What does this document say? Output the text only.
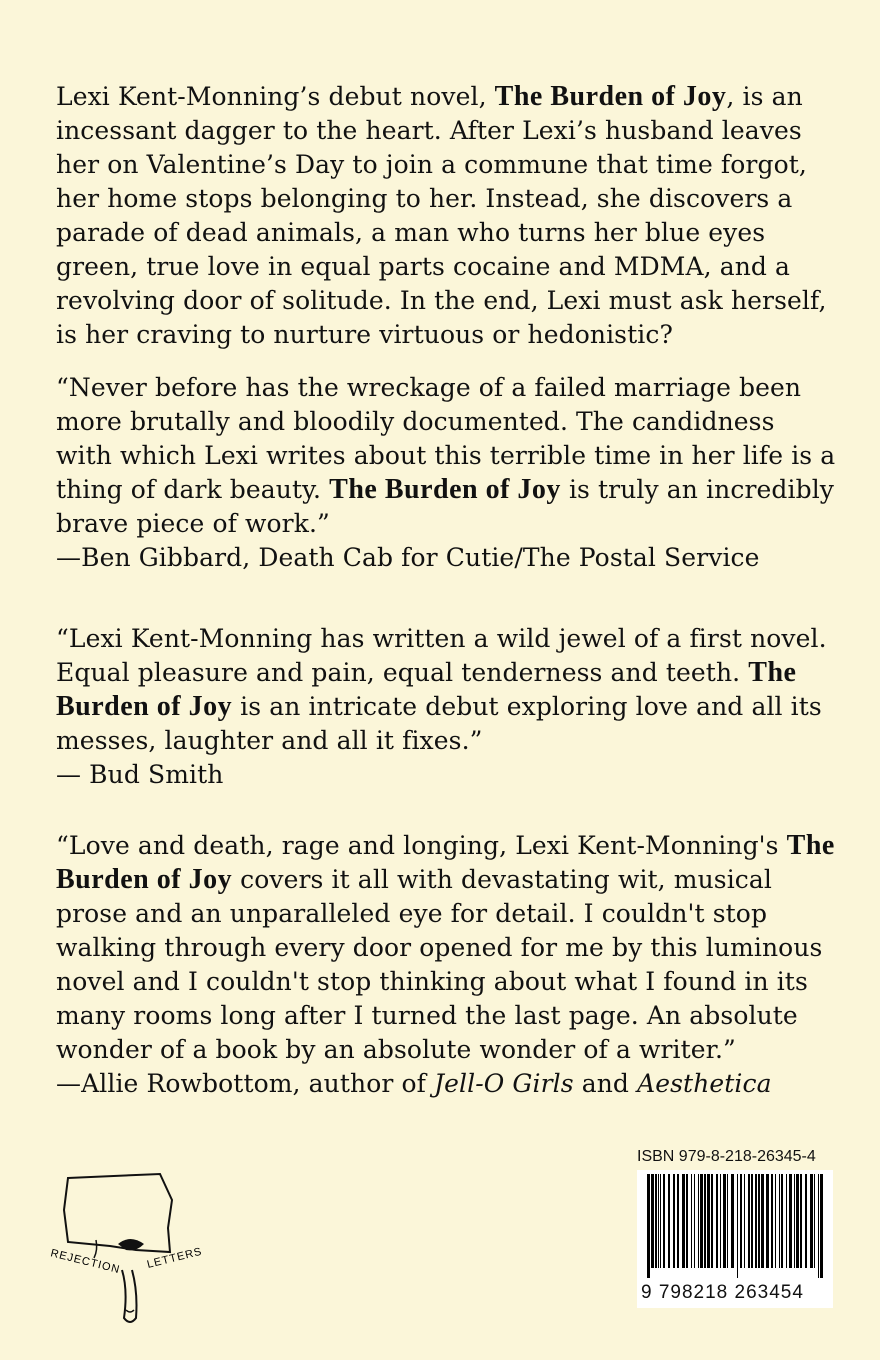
Lexi Kent-Monning’s debut novel, The Burden of Joy, is an incessant dagger to the heart. After Lexi’s husband leaves her on Valentine’s Day to join a commune that time forgot, her home stops belonging to her. Instead, she discovers a parade of dead animals, a man who turns her blue eyes green, true love in equal parts cocaine and MDMA, and a revolving door of solitude. In the end, Lexi must ask herself, is her craving to nurture virtuous or hedonistic?

“Never before has the wreckage of a failed marriage been more brutally and bloodily documented. The candidness with which Lexi writes about this terrible time in her life is a thing of dark beauty. The Burden of Joy is truly an incredibly brave piece of work.”
—Ben Gibbard, Death Cab for Cutie/The Postal Service

“Lexi Kent-Monning has written a wild jewel of a first novel. Equal pleasure and pain, equal tenderness and teeth. The Burden of Joy is an intricate debut exploring love and all its messes, laughter and all it fixes.”
— Bud Smith

“Love and death, rage and longing, Lexi Kent-Monning's The Burden of Joy covers it all with devastating wit, musical prose and an unparalleled eye for detail. I couldn't stop walking through every door opened for me by this luminous novel and I couldn't stop thinking about what I found in its many rooms long after I turned the last page. An absolute wonder of a book by an absolute wonder of a writer.”
—Allie Rowbottom, author of Jell-O Girls and Aesthetica

ISBN 979-8-218-26345-4
9 798218 263454
REJECTION LETTERS
